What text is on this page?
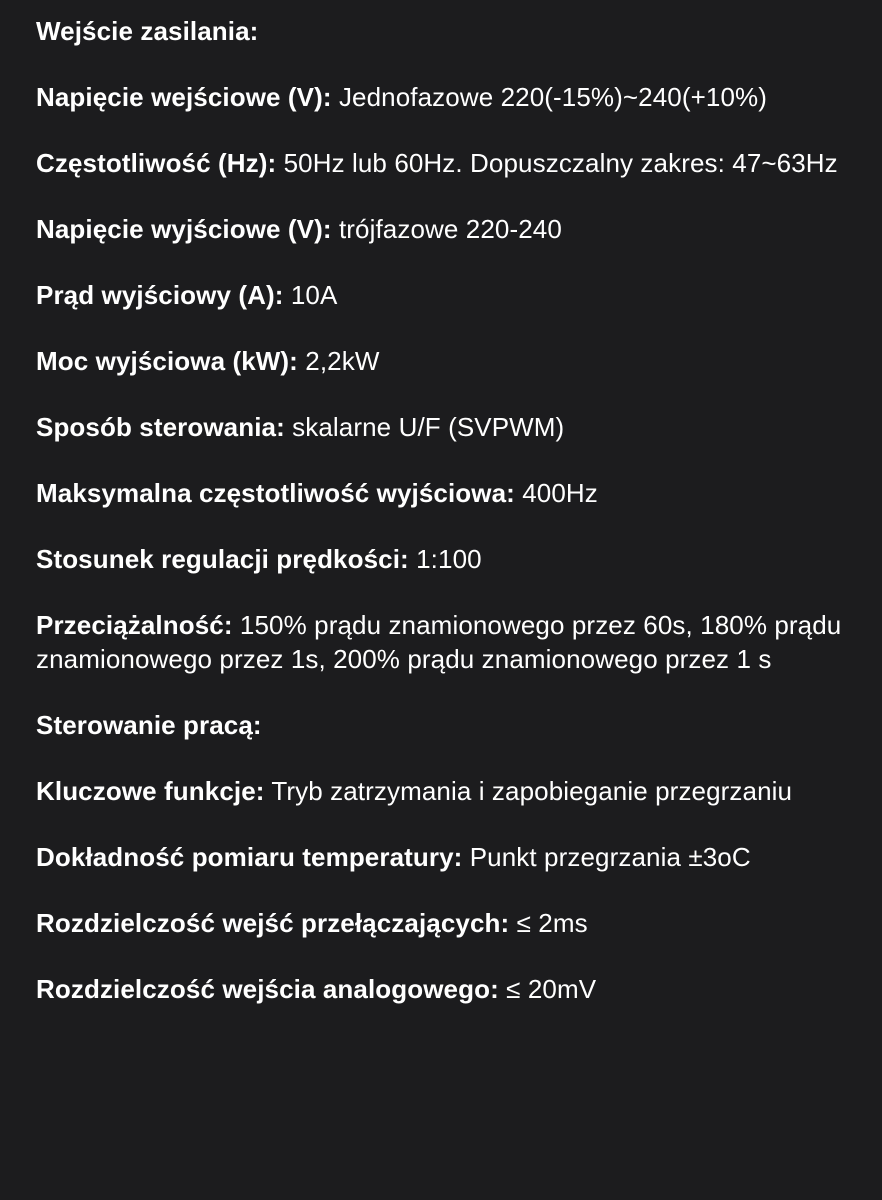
Wejście zasilania:

Napięcie wejściowe (V): Jednofazowe 220(-15%)~240(+10%)

Częstotliwość (Hz): 50Hz lub 60Hz. Dopuszczalny zakres: 47~63Hz

Napięcie wyjściowe (V): trójfazowe 220-240

Prąd wyjściowy (A): 10A

Moc wyjściowa (kW): 2,2kW

Sposób sterowania: skalarne U/F (SVPWM)

Maksymalna częstotliwość wyjściowa: 400Hz

Stosunek regulacji prędkości: 1:100

Przeciążalność: 150% prądu znamionowego przez 60s, 180% prądu znamionowego przez 1s, 200% prądu znamionowego przez 1 s

Sterowanie pracą:

Kluczowe funkcje: Tryb zatrzymania i zapobieganie przegrzaniu

Dokładność pomiaru temperatury: Punkt przegrzania ±3oC

Rozdzielczość wejść przełączających: ≤ 2ms

Rozdzielczość wejścia analogowego: ≤ 20mV
